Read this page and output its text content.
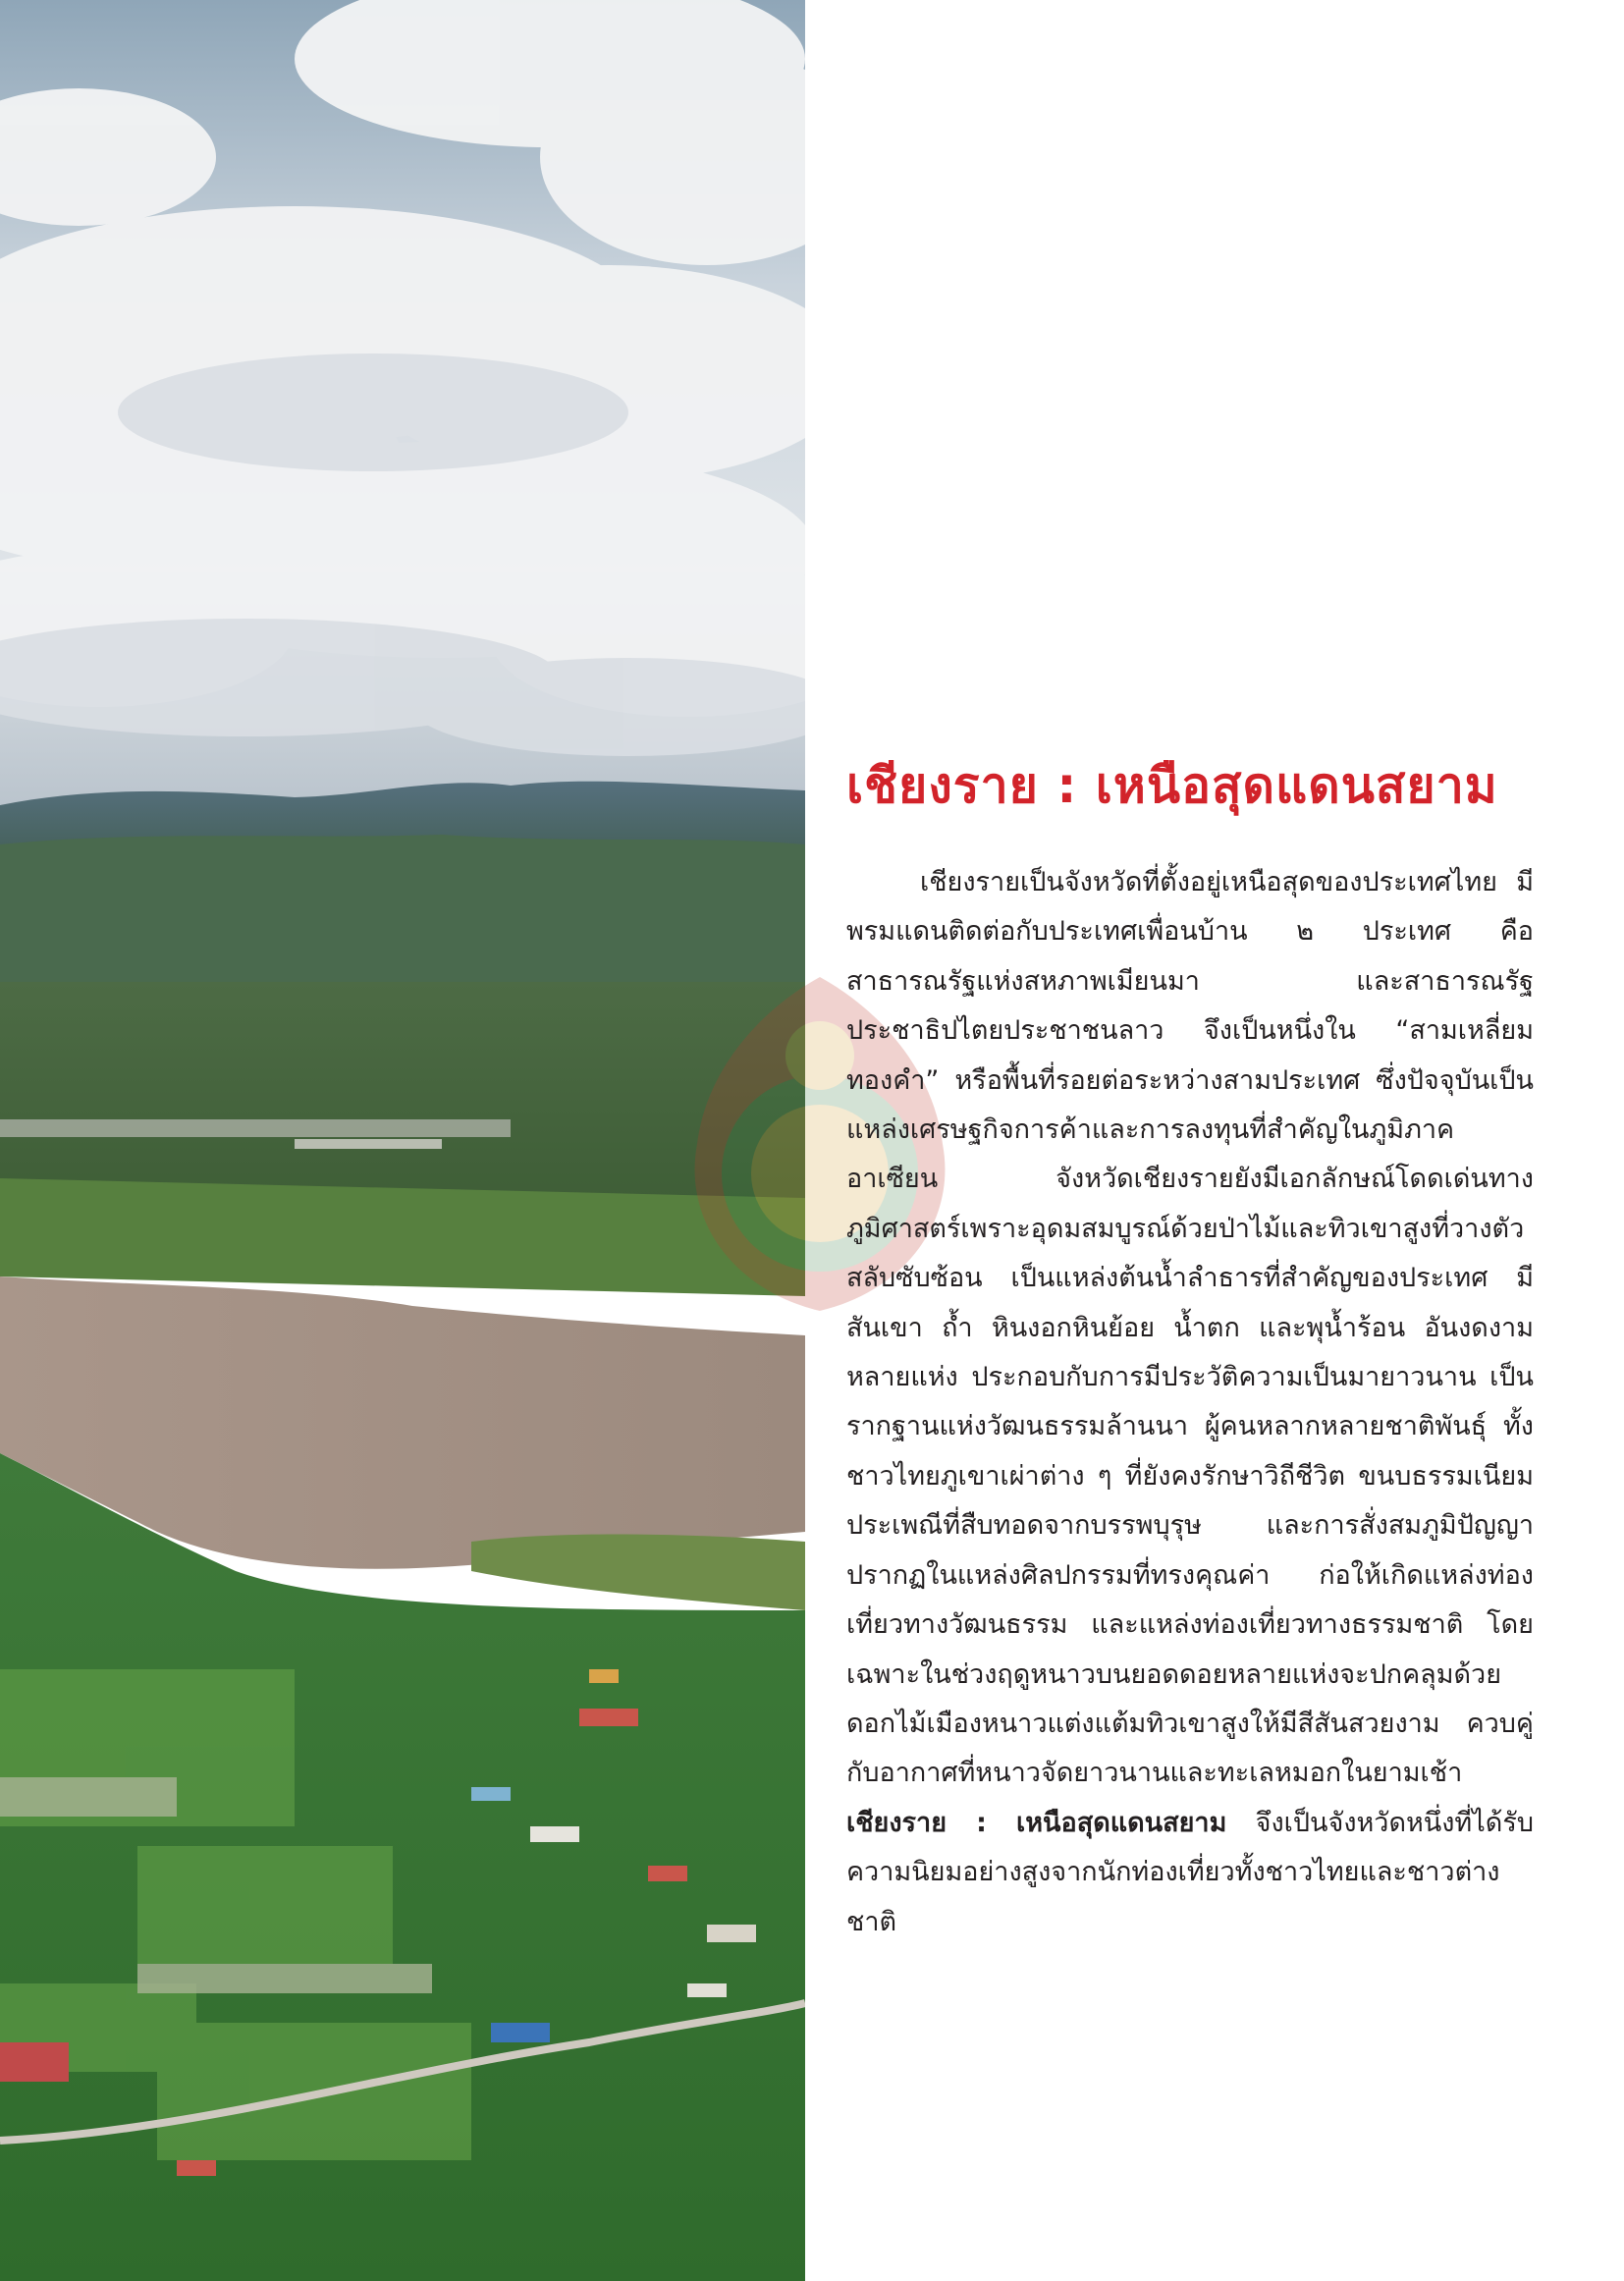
เชียงราย : เหนือสุดแดนสยาม

เชียงรายเป็นจังหวัดที่ตั้งอยู่เหนือสุดของประเทศไทย มีพรมแดนติดต่อกับประเทศเพื่อนบ้าน ๒ ประเทศ คือ สาธารณรัฐแห่งสหภาพเมียนมา และสาธารณรัฐประชาธิปไตยประชาชนลาว จึงเป็นหนึ่งใน “สามเหลี่ยมทองคำ” หรือพื้นที่รอยต่อระหว่างสามประเทศ ซึ่งปัจจุบันเป็นแหล่งเศรษฐกิจการค้าและการลงทุนที่สำคัญในภูมิภาคอาเซียน จังหวัดเชียงรายยังมีเอกลักษณ์โดดเด่นทางภูมิศาสตร์เพราะอุดมสมบูรณ์ด้วยป่าไม้และทิวเขาสูงที่วางตัวสลับซับซ้อน เป็นแหล่งต้นน้ำลำธารที่สำคัญของประเทศ มีสันเขา ถ้ำ หินงอกหินย้อย น้ำตก และพุน้ำร้อน อันงดงามหลายแห่ง ประกอบกับการมีประวัติความเป็นมายาวนาน เป็นรากฐานแห่งวัฒนธรรมล้านนา ผู้คนหลากหลายชาติพันธุ์ ทั้งชาวไทยภูเขาเผ่าต่าง ๆ ที่ยังคงรักษาวิถีชีวิต ขนบธรรมเนียมประเพณีที่สืบทอดจากบรรพบุรุษ และการสั่งสมภูมิปัญญาปรากฏในแหล่งศิลปกรรมที่ทรงคุณค่า ก่อให้เกิดแหล่งท่องเที่ยวทางวัฒนธรรม และแหล่งท่องเที่ยวทางธรรมชาติ โดยเฉพาะในช่วงฤดูหนาวบนยอดดอยหลายแห่งจะปกคลุมด้วยดอกไม้เมืองหนาวแต่งแต้มทิวเขาสูงให้มีสีสันสวยงาม ควบคู่กับอากาศที่หนาวจัดยาวนานและทะเลหมอกในยามเช้า เชียงราย : เหนือสุดแดนสยาม จึงเป็นจังหวัดหนึ่งที่ได้รับความนิยมอย่างสูงจากนักท่องเที่ยวทั้งชาวไทยและชาวต่างชาติ
